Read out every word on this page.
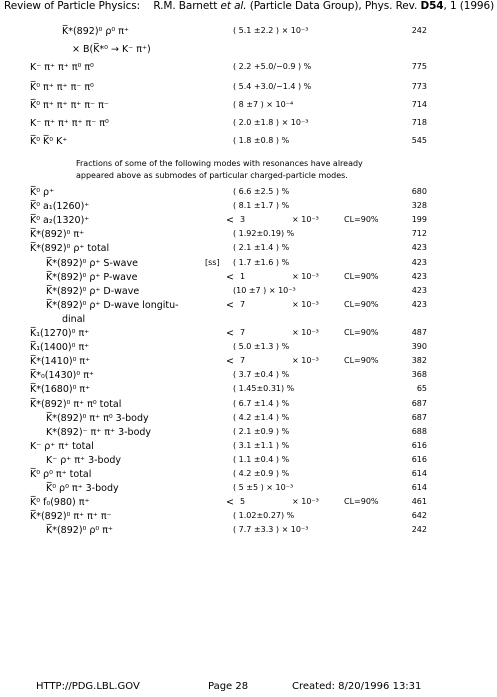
Review of Particle Physics: R.M. Barnett et al. (Particle Data Group), Phys. Rev. D54, 1 (1996)
K̅*(892)⁰ ρ⁰ π⁺	( 5.1 ±2.2 ) × 10⁻³	242
× B(K̅*⁰ → K⁻ π⁺)
K⁻ π⁺ π⁺ π⁰ π⁰	( 2.2 +5.0/−0.9 ) %	775
K̅⁰ π⁺ π⁺ π⁻ π⁰	( 5.4 +3.0/−1.4 ) %	773
K̅⁰ π⁺ π⁺ π⁺ π⁻ π⁻	( 8 ±7 ) × 10⁻⁴	714
K⁻ π⁺ π⁺ π⁺ π⁻ π⁰	( 2.0 ±1.8 ) × 10⁻³	718
K̅⁰ K̅⁰ K⁺	( 1.8 ±0.8 ) %	545
Fractions of some of the following modes with resonances have already appeared above as submodes of particular charged-particle modes.
K̅⁰ ρ⁺	( 6.6 ±2.5 ) %	680
K̅⁰ a₁(1260)⁺	( 8.1 ±1.7 ) %	328
K̅⁰ a₂(1320)⁺	< 3	× 10⁻³	CL=90%	199
K̅*(892)⁰ π⁺	( 1.92±0.19) %	712
K̅*(892)⁰ ρ⁺ total	( 2.1 ±1.4 ) %	423
K̅*(892)⁰ ρ⁺ S-wave	[ss] ( 1.7 ±1.6 ) %	423
K̅*(892)⁰ ρ⁺ P-wave	< 1	× 10⁻³	CL=90%	423
K̅*(892)⁰ ρ⁺ D-wave	(10 ±7 ) × 10⁻³	423
K̅*(892)⁰ ρ⁺ D-wave longitu-	< 7	× 10⁻³	CL=90%	423
dinal
K̅₁(1270)⁰ π⁺	< 7	× 10⁻³	CL=90%	487
K̅₁(1400)⁰ π⁺	( 5.0 ±1.3 ) %	390
K̅*(1410)⁰ π⁺	< 7	× 10⁻³	CL=90%	382
K̅*₀(1430)⁰ π⁺	( 3.7 ±0.4 ) %	368
K̅*(1680)⁰ π⁺	( 1.45±0.31) %	65
K̅*(892)⁰ π⁺ π⁰ total	( 6.7 ±1.4 ) %	687
K̅*(892)⁰ π⁺ π⁰ 3-body	( 4.2 ±1.4 ) %	687
K*(892)⁻ π⁺ π⁺ 3-body	( 2.1 ±0.9 ) %	688
K⁻ ρ⁺ π⁺ total	( 3.1 ±1.1 ) %	616
K⁻ ρ⁺ π⁺ 3-body	( 1.1 ±0.4 ) %	616
K̅⁰ ρ⁰ π⁺ total	( 4.2 ±0.9 ) %	614
K̅⁰ ρ⁰ π⁺ 3-body	( 5 ±5 ) × 10⁻³	614
K̅⁰ f₀(980) π⁺	< 5	× 10⁻³	CL=90%	461
K̅*(892)⁰ π⁺ π⁺ π⁻	( 1.02±0.27) %	642
K̅*(892)⁰ ρ⁰ π⁺	( 7.7 ±3.3 ) × 10⁻³	242
HTTP://PDG.LBL.GOV	Page 28	Created: 8/20/1996 13:31
